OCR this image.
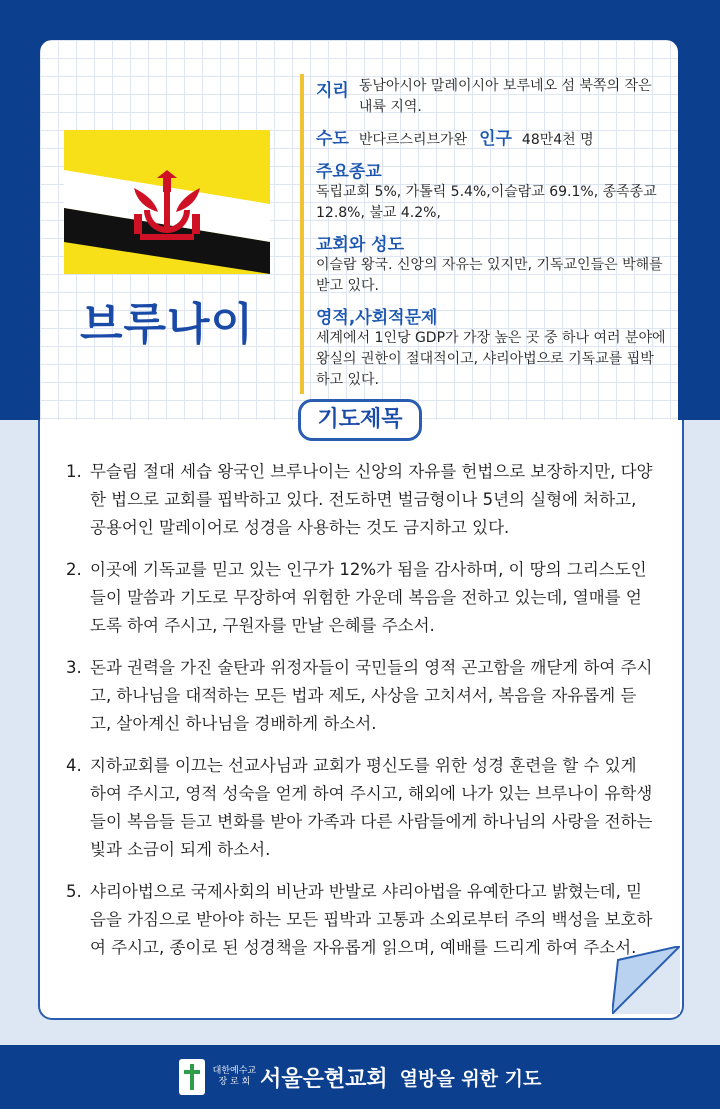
브루나이
지리 동남아시아 말레이시아 보루네오 섬 북쪽의 작은 내륙 지역.
수도 반다르스리브가완 인구 48만4천 명
주요종교
독립교회 5%, 가톨릭 5.4%,이슬람교 69.1%, 종족종교 12.8%, 불교 4.2%,
교회와 성도
이슬람 왕국. 신앙의 자유는 있지만, 기독교인들은 박해를 받고 있다.
영적,사회적문제
세계에서 1인당 GDP가 가장 높은 곳 중 하나 여러 분야에 왕실의 권한이 절대적이고, 샤리아법으로 기독교를 핍박하고 있다.
기도제목
1. 무슬림 절대 세습 왕국인 브루나이는 신앙의 자유를 헌법으로 보장하지만, 다양한 법으로 교회를 핍박하고 있다. 전도하면 벌금형이나 5년의 실형에 처하고, 공용어인 말레이어로 성경을 사용하는 것도 금지하고 있다.
2. 이곳에 기독교를 믿고 있는 인구가 12%가 됨을 감사하며, 이 땅의 그리스도인들이 말씀과 기도로 무장하여 위험한 가운데 복음을 전하고 있는데, 열매를 얻도록 하여 주시고, 구원자를 만날 은혜를 주소서.
3. 돈과 권력을 가진 술탄과 위정자들이 국민들의 영적 곤고함을 깨닫게 하여 주시고, 하나님을 대적하는 모든 법과 제도, 사상을 고치셔서, 복음을 자유롭게 듣고, 살아계신 하나님을 경배하게 하소서.
4. 지하교회를 이끄는 선교사님과 교회가 평신도를 위한 성경 훈련을 할 수 있게 하여 주시고, 영적 성숙을 얻게 하여 주시고, 해외에 나가 있는 브루나이 유학생들이 복음들 듣고 변화를 받아 가족과 다른 사람들에게 하나님의 사랑을 전하는 빛과 소금이 되게 하소서.
5. 샤리아법으로 국제사회의 비난과 반발로 샤리아법을 유예한다고 밝혔는데, 믿음을 가짐으로 받아야 하는 모든 핍박과 고통과 소외로부터 주의 백성을 보호하여 주시고, 종이로 된 성경책을 자유롭게 읽으며, 예배를 드리게 하여 주소서.
대한예수교
장 로 회 서울은현교회 열방을 위한 기도
